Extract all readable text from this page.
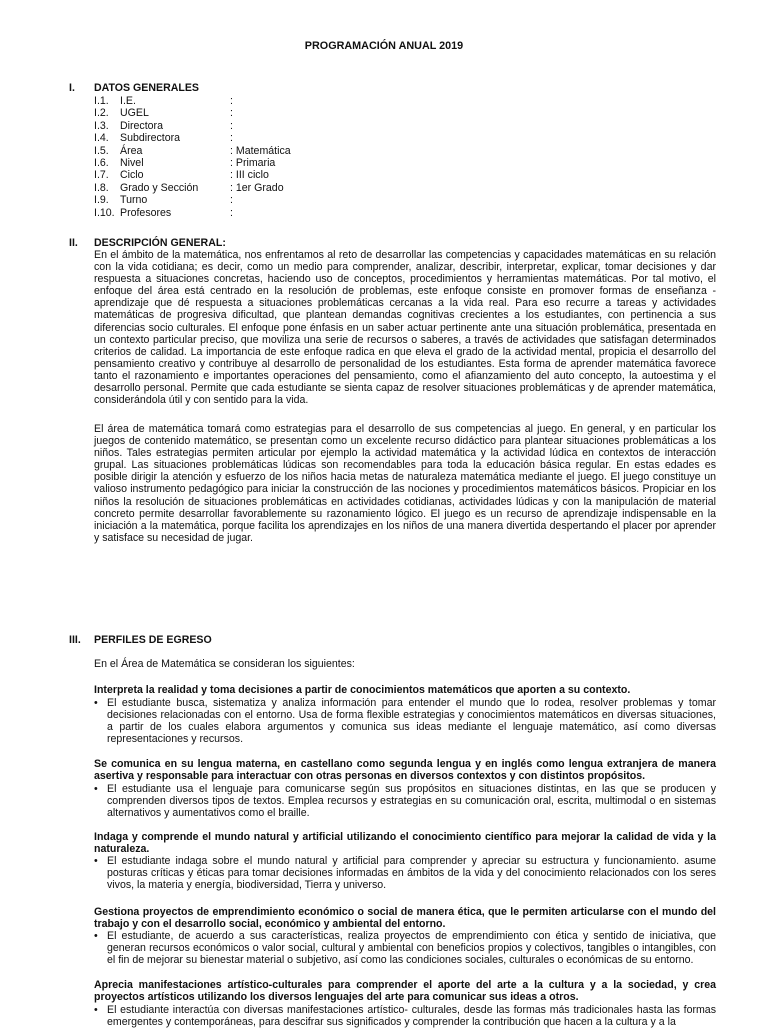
PROGRAMACIÓN ANUAL 2019
I. DATOS GENERALES
I.1. I.E.	:
I.2. UGEL	:
I.3. Directora	:
I.4. Subdirectora	:
I.5. Área	: Matemática
I.6. Nivel	: Primaria
I.7. Ciclo	: III ciclo
I.8. Grado y Sección	: 1er Grado
I.9. Turno	:
I.10. Profesores	:
II. DESCRIPCIÓN GENERAL:
En el ámbito de la matemática, nos enfrentamos al reto de desarrollar las competencias y capacidades matemáticas en su relación con la vida cotidiana; es decir, como un medio para comprender, analizar, describir, interpretar, explicar, tomar decisiones y dar respuesta a situaciones concretas, haciendo uso de conceptos, procedimientos y herramientas matemáticas. Por tal motivo, el enfoque del área está centrado en la resolución de problemas, este enfoque consiste en promover formas de enseñanza - aprendizaje que dé respuesta a situaciones problemáticas cercanas a la vida real. Para eso recurre a tareas y actividades matemáticas de progresiva dificultad, que plantean demandas cognitivas crecientes a los estudiantes, con pertinencia a sus diferencias socio culturales. El enfoque pone énfasis en un saber actuar pertinente ante una situación problemática, presentada en un contexto particular preciso, que moviliza una serie de recursos o saberes, a través de actividades que satisfagan determinados criterios de calidad. La importancia de este enfoque radica en que eleva el grado de la actividad mental, propicia el desarrollo del pensamiento creativo y contribuye al desarrollo de personalidad de los estudiantes. Esta forma de aprender matemática favorece tanto el razonamiento e importantes operaciones del pensamiento, como el afianzamiento del auto concepto, la autoestima y el desarrollo personal. Permite que cada estudiante se sienta capaz de resolver situaciones problemáticas y de aprender matemática, considerándola útil y con sentido para la vida.
El área de matemática tomará como estrategias para el desarrollo de sus competencias al juego. En general, y en particular los juegos de contenido matemático, se presentan como un excelente recurso didáctico para plantear situaciones problemáticas a los niños. Tales estrategias permiten articular por ejemplo la actividad matemática y la actividad lúdica en contextos de interacción grupal. Las situaciones problemáticas lúdicas son recomendables para toda la educación básica regular. En estas edades es posible dirigir la atención y esfuerzo de los niños hacia metas de naturaleza matemática mediante el juego. El juego constituye un valioso instrumento pedagógico para iniciar la construcción de las nociones y procedimientos matemáticos básicos. Propiciar en los niños la resolución de situaciones problemáticas en actividades cotidianas, actividades lúdicas y con la manipulación de material concreto permite desarrollar favorablemente su razonamiento lógico. El juego es un recurso de aprendizaje indispensable en la iniciación a la matemática, porque facilita los aprendizajes en los niños de una manera divertida despertando el placer por aprender y satisface su necesidad de jugar.
III. PERFILES DE EGRESO
En el Área de Matemática se consideran los siguientes:
Interpreta la realidad y toma decisiones a partir de conocimientos matemáticos que aporten a su contexto.
• El estudiante busca, sistematiza y analiza información para entender el mundo que lo rodea, resolver problemas y tomar decisiones relacionadas con el entorno. Usa de forma flexible estrategias y conocimientos matemáticos en diversas situaciones, a partir de los cuales elabora argumentos y comunica sus ideas mediante el lenguaje matemático, así como diversas representaciones y recursos.
Se comunica en su lengua materna, en castellano como segunda lengua y en inglés como lengua extranjera de manera asertiva y responsable para interactuar con otras personas en diversos contextos y con distintos propósitos.
• El estudiante usa el lenguaje para comunicarse según sus propósitos en situaciones distintas, en las que se producen y comprenden diversos tipos de textos. Emplea recursos y estrategias en su comunicación oral, escrita, multimodal o en sistemas alternativos y aumentativos como el braille.
Indaga y comprende el mundo natural y artificial utilizando el conocimiento científico para mejorar la calidad de vida y la naturaleza.
• El estudiante indaga sobre el mundo natural y artificial para comprender y apreciar su estructura y funcionamiento. asume posturas críticas y éticas para tomar decisiones informadas en ámbitos de la vida y del conocimiento relacionados con los seres vivos, la materia y energía, biodiversidad, Tierra y universo.
Gestiona proyectos de emprendimiento económico o social de manera ética, que le permiten articularse con el mundo del trabajo y con el desarrollo social, económico y ambiental del entorno.
• El estudiante, de acuerdo a sus características, realiza proyectos de emprendimiento con ética y sentido de iniciativa, que generan recursos económicos o valor social, cultural y ambiental con beneficios propios y colectivos, tangibles o intangibles, con el fin de mejorar su bienestar material o subjetivo, así como las condiciones sociales, culturales o económicas de su entorno.
Aprecia manifestaciones artístico-culturales para comprender el aporte del arte a la cultura y a la sociedad, y crea proyectos artísticos utilizando los diversos lenguajes del arte para comunicar sus ideas a otros.
• El estudiante interactúa con diversas manifestaciones artístico- culturales, desde las formas más tradicionales hasta las formas emergentes y contemporáneas, para descifrar sus significados y comprender la contribución que hacen a la cultura y a la
